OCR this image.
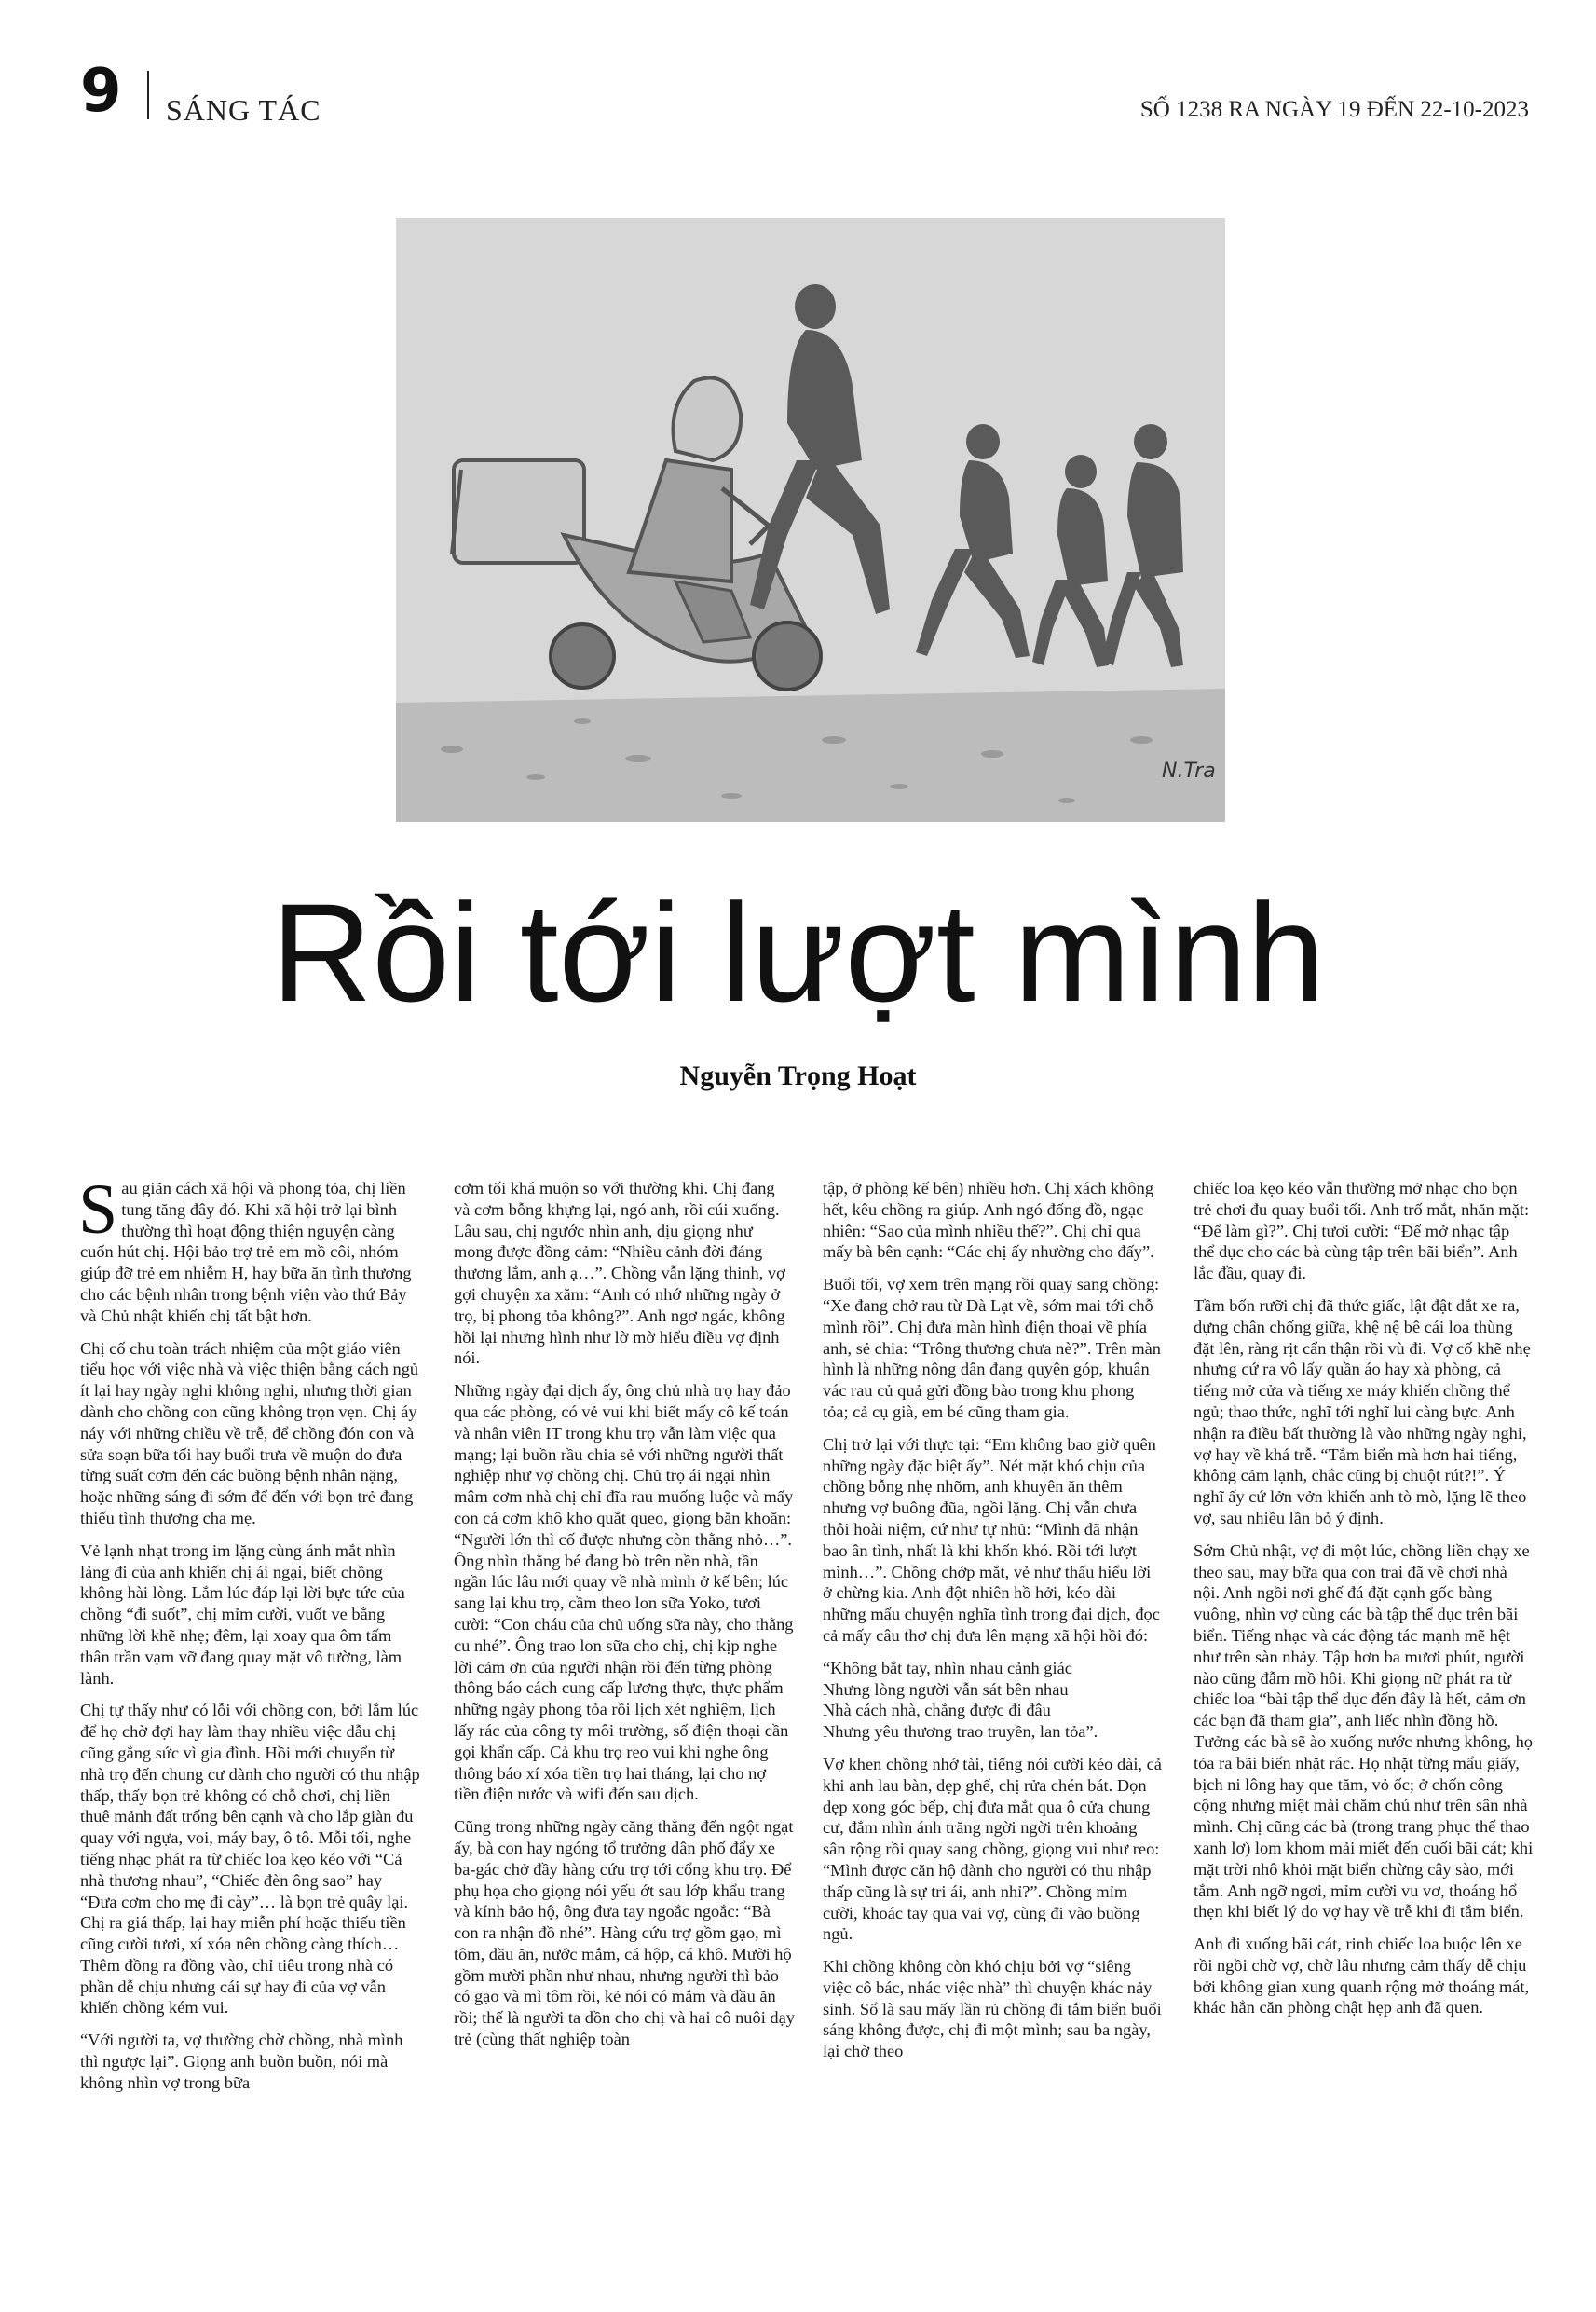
9 SÁNG TÁC	SỐ 1238 RA NGÀY 19 ĐẾN 22-10-2023
N.Tra
Rồi tới lượt mình
Nguyễn Trọng Hoạt

Sau giãn cách xã hội và phong tỏa, chị liền tung tăng đây đó. Khi xã hội trở lại bình thường thì hoạt động thiện nguyện càng cuốn hút chị. Hội bảo trợ trẻ em mồ côi, nhóm giúp đỡ trẻ em nhiễm H, hay bữa ăn tình thương cho các bệnh nhân trong bệnh viện vào thứ Bảy và Chủ nhật khiến chị tất bật hơn.

Chị cố chu toàn trách nhiệm của một giáo viên tiểu học với việc nhà và việc thiện bằng cách ngủ ít lại hay ngày nghỉ không nghỉ, nhưng thời gian dành cho chồng con cũng không trọn vẹn. Chị áy náy với những chiều về trễ, để chồng đón con và sửa soạn bữa tối hay buổi trưa về muộn do đưa từng suất cơm đến các buồng bệnh nhân nặng, hoặc những sáng đi sớm để đến với bọn trẻ đang thiếu tình thương cha mẹ.

Vẻ lạnh nhạt trong im lặng cùng ánh mắt nhìn lảng đi của anh khiến chị ái ngại, biết chồng không hài lòng. Lắm lúc đáp lại lời bực tức của chồng “đi suốt”, chị mỉm cười, vuốt ve bằng những lời khẽ nhẹ; đêm, lại xoay qua ôm tấm thân trần vạm vỡ đang quay mặt vô tường, làm lành.

Chị tự thấy như có lỗi với chồng con, bởi lắm lúc để họ chờ đợi hay làm thay nhiều việc dẫu chị cũng gắng sức vì gia đình. Hồi mới chuyển từ nhà trọ đến chung cư dành cho người có thu nhập thấp, thấy bọn trẻ không có chỗ chơi, chị liền thuê mảnh đất trống bên cạnh và cho lắp giàn đu quay với ngựa, voi, máy bay, ô tô. Mỗi tối, nghe tiếng nhạc phát ra từ chiếc loa kẹo kéo với “Cả nhà thương nhau”, “Chiếc đèn ông sao” hay “Đưa cơm cho mẹ đi cày”… là bọn trẻ quây lại. Chị ra giá thấp, lại hay miễn phí hoặc thiếu tiền cũng cười tươi, xí xóa nên chồng càng thích… Thêm đồng ra đồng vào, chỉ tiêu trong nhà có phần dễ chịu nhưng cái sự hay đi của vợ vẫn khiến chồng kém vui.

“Với người ta, vợ thường chờ chồng, nhà mình thì ngược lại”. Giọng anh buồn buồn, nói mà không nhìn vợ trong bữa

cơm tối khá muộn so với thường khi. Chị đang và cơm bỗng khựng lại, ngó anh, rồi cúi xuống. Lâu sau, chị ngước nhìn anh, dịu giọng như mong được đồng cảm: “Nhiều cảnh đời đáng thương lắm, anh ạ…”. Chồng vẫn lặng thinh, vợ gợi chuyện xa xăm: “Anh có nhớ những ngày ở trọ, bị phong tỏa không?”. Anh ngơ ngác, không hồi lại nhưng hình như lờ mờ hiểu điều vợ định nói.

Những ngày đại dịch ấy, ông chủ nhà trọ hay đảo qua các phòng, có vẻ vui khi biết mấy cô kế toán và nhân viên IT trong khu trọ vẫn làm việc qua mạng; lại buồn rầu chia sẻ với những người thất nghiệp như vợ chồng chị. Chủ trọ ái ngại nhìn mâm cơm nhà chị chỉ đĩa rau muống luộc và mấy con cá cơm khô kho quắt queo, giọng băn khoăn: “Người lớn thì cố được nhưng còn thằng nhỏ…”. Ông nhìn thằng bé đang bò trên nền nhà, tần ngần lúc lâu mới quay về nhà mình ở kế bên; lúc sang lại khu trọ, cầm theo lon sữa Yoko, tươi cười: “Con cháu của chủ uống sữa này, cho thằng cu nhé”. Ông trao lon sữa cho chị, chị kịp nghe lời cảm ơn của người nhận rồi đến từng phòng thông báo cách cung cấp lương thực, thực phẩm những ngày phong tỏa rồi lịch xét nghiệm, lịch lấy rác của công ty môi trường, số điện thoại cần gọi khẩn cấp. Cả khu trọ reo vui khi nghe ông thông báo xí xóa tiền trọ hai tháng, lại cho nợ tiền điện nước và wifi đến sau dịch.

Cũng trong những ngày căng thẳng đến ngột ngạt ấy, bà con hay ngóng tổ trưởng dân phố đẩy xe ba-gác chở đầy hàng cứu trợ tới cổng khu trọ. Để phụ họa cho giọng nói yếu ớt sau lớp khẩu trang và kính bảo hộ, ông đưa tay ngoắc ngoắc: “Bà con ra nhận đồ nhé”. Hàng cứu trợ gồm gạo, mì tôm, dầu ăn, nước mắm, cá hộp, cá khô. Mười hộ gồm mười phần như nhau, nhưng người thì bảo có gạo và mì tôm rồi, kẻ nói có mắm và dầu ăn rồi; thế là người ta dồn cho chị và hai cô nuôi dạy trẻ (cùng thất nghiệp toàn

tập, ở phòng kế bên) nhiều hơn. Chị xách không hết, kêu chồng ra giúp. Anh ngó đống đồ, ngạc nhiên: “Sao của mình nhiều thế?”. Chị chỉ qua mấy bà bên cạnh: “Các chị ấy nhường cho đấy”.

Buổi tối, vợ xem trên mạng rồi quay sang chồng: “Xe đang chở rau từ Đà Lạt về, sớm mai tới chỗ mình rồi”. Chị đưa màn hình điện thoại về phía anh, sẻ chia: “Trông thương chưa nè?”. Trên màn hình là những nông dân đang quyên góp, khuân vác rau củ quả gửi đồng bào trong khu phong tỏa; cả cụ già, em bé cũng tham gia.

Chị trở lại với thực tại: “Em không bao giờ quên những ngày đặc biệt ấy”. Nét mặt khó chịu của chồng bỗng nhẹ nhõm, anh khuyên ăn thêm nhưng vợ buông đũa, ngồi lặng. Chị vẫn chưa thôi hoài niệm, cứ như tự nhủ: “Mình đã nhận bao ân tình, nhất là khi khốn khó. Rồi tới lượt mình…”. Chồng chớp mắt, vẻ như thấu hiểu lời ở chừng kia. Anh đột nhiên hồ hởi, kéo dài những mẩu chuyện nghĩa tình trong đại dịch, đọc cả mấy câu thơ chị đưa lên mạng xã hội hồi đó:

“Không bắt tay, nhìn nhau cảnh giác
Nhưng lòng người vẫn sát bên nhau
Nhà cách nhà, chẳng được đi đâu
Nhưng yêu thương trao truyền, lan tỏa”.

Vợ khen chồng nhớ tài, tiếng nói cười kéo dài, cả khi anh lau bàn, dẹp ghế, chị rửa chén bát. Dọn dẹp xong góc bếp, chị đưa mắt qua ô cửa chung cư, đắm nhìn ánh trăng ngời ngời trên khoảng sân rộng rồi quay sang chồng, giọng vui như reo: “Mình được căn hộ dành cho người có thu nhập thấp cũng là sự tri ái, anh nhỉ?”. Chồng mỉm cười, khoác tay qua vai vợ, cùng đi vào buồng ngủ.

Khi chồng không còn khó chịu bởi vợ “siêng việc cô bác, nhác việc nhà” thì chuyện khác nảy sinh. Sổ là sau mấy lần rủ chồng đi tắm biển buổi sáng không được, chị đi một mình; sau ba ngày, lại chờ theo

chiếc loa kẹo kéo vẫn thường mở nhạc cho bọn trẻ chơi đu quay buổi tối. Anh trố mắt, nhăn mặt: “Để làm gì?”. Chị tươi cười: “Để mở nhạc tập thể dục cho các bà cùng tập trên bãi biển”. Anh lắc đầu, quay đi.

Tầm bốn rưỡi chị đã thức giấc, lật đật dắt xe ra, dựng chân chống giữa, khệ nệ bê cái loa thùng đặt lên, ràng rịt cẩn thận rồi vù đi. Vợ cố khẽ nhẹ nhưng cứ ra vô lấy quần áo hay xà phòng, cả tiếng mở cửa và tiếng xe máy khiến chồng thể ngủ; thao thức, nghĩ tới nghĩ lui càng bực. Anh nhận ra điều bất thường là vào những ngày nghỉ, vợ hay về khá trễ. “Tắm biển mà hơn hai tiếng, không cảm lạnh, chắc cũng bị chuột rút?!”. Ý nghĩ ấy cứ lởn vởn khiến anh tò mò, lặng lẽ theo vợ, sau nhiều lần bỏ ý định.

Sớm Chủ nhật, vợ đi một lúc, chồng liền chạy xe theo sau, may bữa qua con trai đã về chơi nhà nội. Anh ngồi nơi ghế đá đặt cạnh gốc bàng vuông, nhìn vợ cùng các bà tập thể dục trên bãi biển. Tiếng nhạc và các động tác mạnh mẽ hệt như trên sàn nhảy. Tập hơn ba mươi phút, người nào cũng đẫm mồ hôi. Khi giọng nữ phát ra từ chiếc loa “bài tập thể dục đến đây là hết, cảm ơn các bạn đã tham gia”, anh liếc nhìn đồng hồ. Tưởng các bà sẽ ào xuống nước nhưng không, họ tỏa ra bãi biển nhặt rác. Họ nhặt từng mẩu giấy, bịch ni lông hay que tăm, vỏ ốc; ở chốn công cộng nhưng miệt mài chăm chú như trên sân nhà mình. Chị cũng các bà (trong trang phục thể thao xanh lơ) lom khom mải miết đến cuối bãi cát; khi mặt trời nhô khỏi mặt biển chừng cây sào, mới tắm. Anh ngỡ ngơi, mỉm cười vu vơ, thoáng hổ thẹn khi biết lý do vợ hay về trễ khi đi tắm biển.

Anh đi xuống bãi cát, rinh chiếc loa buộc lên xe rồi ngồi chờ vợ, chờ lâu nhưng cảm thấy dễ chịu bởi không gian xung quanh rộng mở thoáng mát, khác hẳn căn phòng chật hẹp anh đã quen.
